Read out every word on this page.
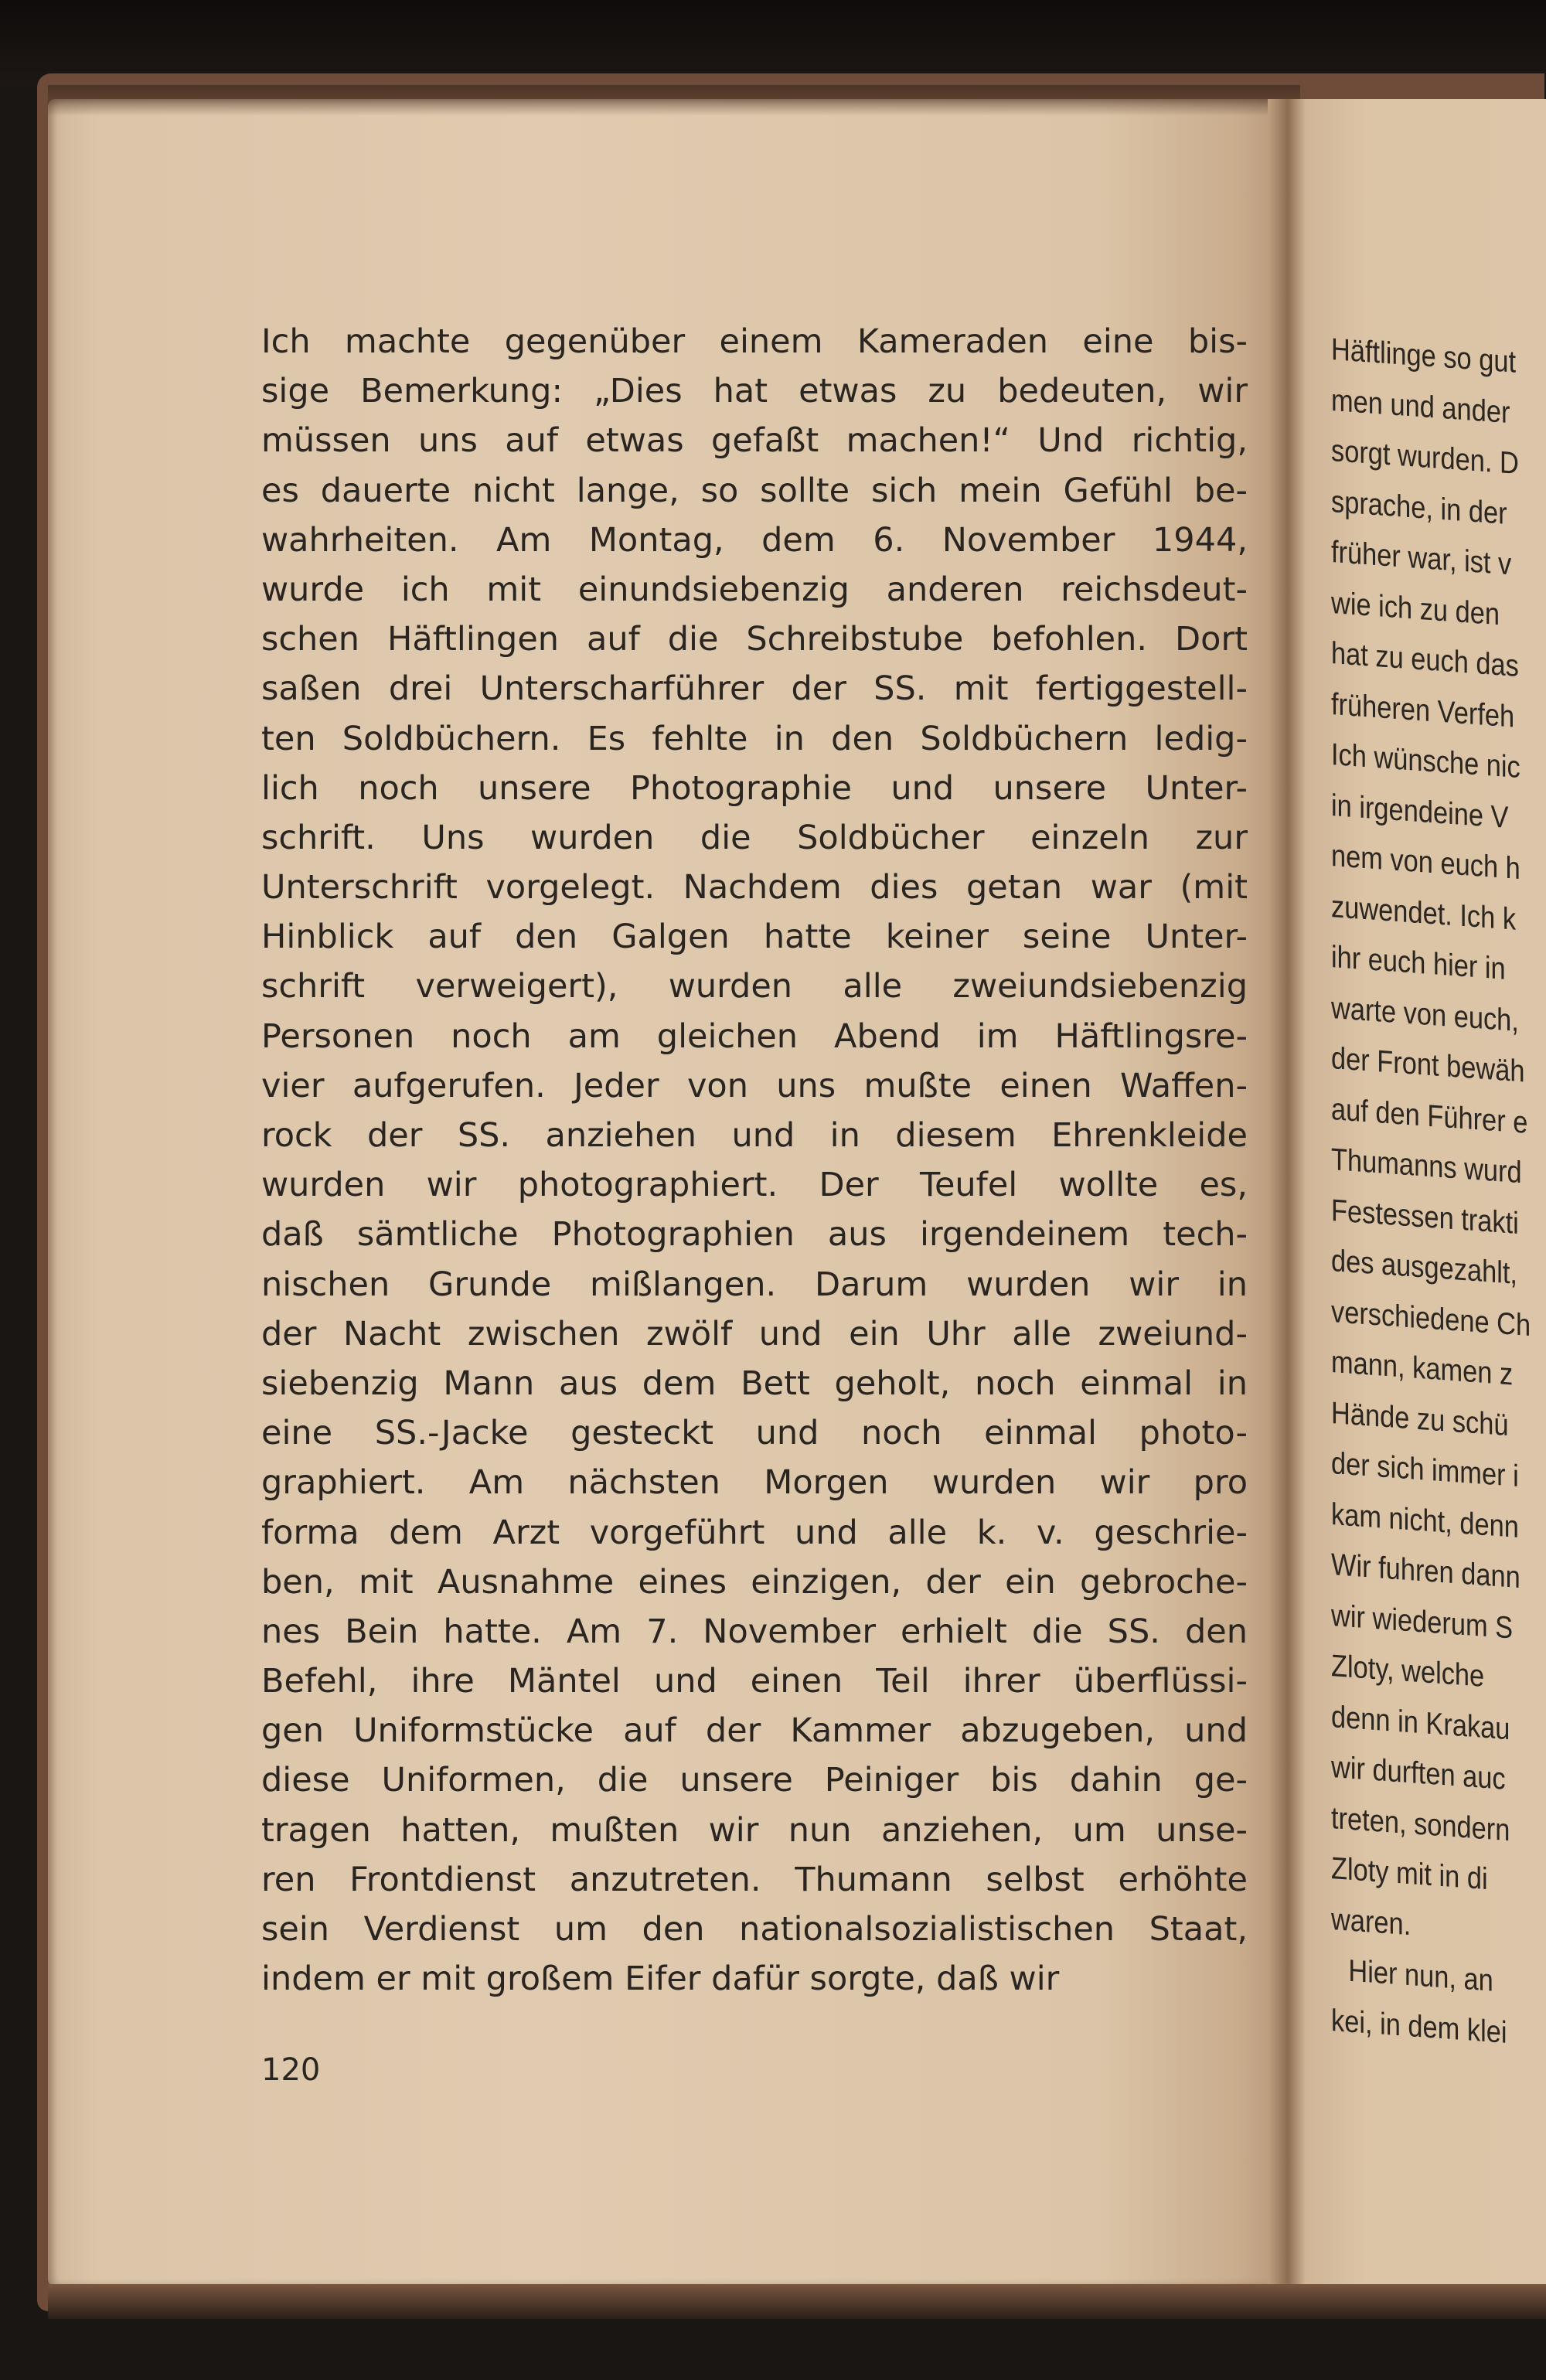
Ich machte gegenüber einem Kameraden eine bis-
sige Bemerkung: „Dies hat etwas zu bedeuten, wir
müssen uns auf etwas gefaßt machen!“ Und richtig,
es dauerte nicht lange, so sollte sich mein Gefühl be-
wahrheiten. Am Montag, dem 6. November 1944,
wurde ich mit einundsiebenzig anderen reichsdeut-
schen Häftlingen auf die Schreibstube befohlen. Dort
saßen drei Unterscharführer der SS. mit fertiggestell-
ten Soldbüchern. Es fehlte in den Soldbüchern ledig-
lich noch unsere Photographie und unsere Unter-
schrift. Uns wurden die Soldbücher einzeln zur
Unterschrift vorgelegt. Nachdem dies getan war (mit
Hinblick auf den Galgen hatte keiner seine Unter-
schrift verweigert), wurden alle zweiundsiebenzig
Personen noch am gleichen Abend im Häftlingsre-
vier aufgerufen. Jeder von uns mußte einen Waffen-
rock der SS. anziehen und in diesem Ehrenkleide
wurden wir photographiert. Der Teufel wollte es,
daß sämtliche Photographien aus irgendeinem tech-
nischen Grunde mißlangen. Darum wurden wir in
der Nacht zwischen zwölf und ein Uhr alle zweiund-
siebenzig Mann aus dem Bett geholt, noch einmal in
eine SS.-Jacke gesteckt und noch einmal photo-
graphiert. Am nächsten Morgen wurden wir pro
forma dem Arzt vorgeführt und alle k. v. geschrie-
ben, mit Ausnahme eines einzigen, der ein gebroche-
nes Bein hatte. Am 7. November erhielt die SS. den
Befehl, ihre Mäntel und einen Teil ihrer überflüssi-
gen Uniformstücke auf der Kammer abzugeben, und
diese Uniformen, die unsere Peiniger bis dahin ge-
tragen hatten, mußten wir nun anziehen, um unse-
ren Frontdienst anzutreten. Thumann selbst erhöhte
sein Verdienst um den nationalsozialistischen Staat,
indem er mit großem Eifer dafür sorgte, daß wir
120
Häftlinge so gut
men und ander
sorgt wurden. D
sprache, in der
früher war, ist v
wie ich zu den
hat zu euch das
früheren Verfeh
Ich wünsche nic
in irgendeine V
nem von euch h
zuwendet. Ich k
ihr euch hier in
warte von euch,
der Front bewäh
auf den Führer e
Thumanns wurd
Festessen trakti
des ausgezahlt,
verschiedene Ch
mann, kamen z
Hände zu schü
der sich immer i
kam nicht, denn
Wir fuhren dann
wir wiederum S
Zloty, welche
denn in Krakau
wir durften auc
treten, sondern
Zloty mit in di
waren.
Hier nun, an
kei, in dem klei
